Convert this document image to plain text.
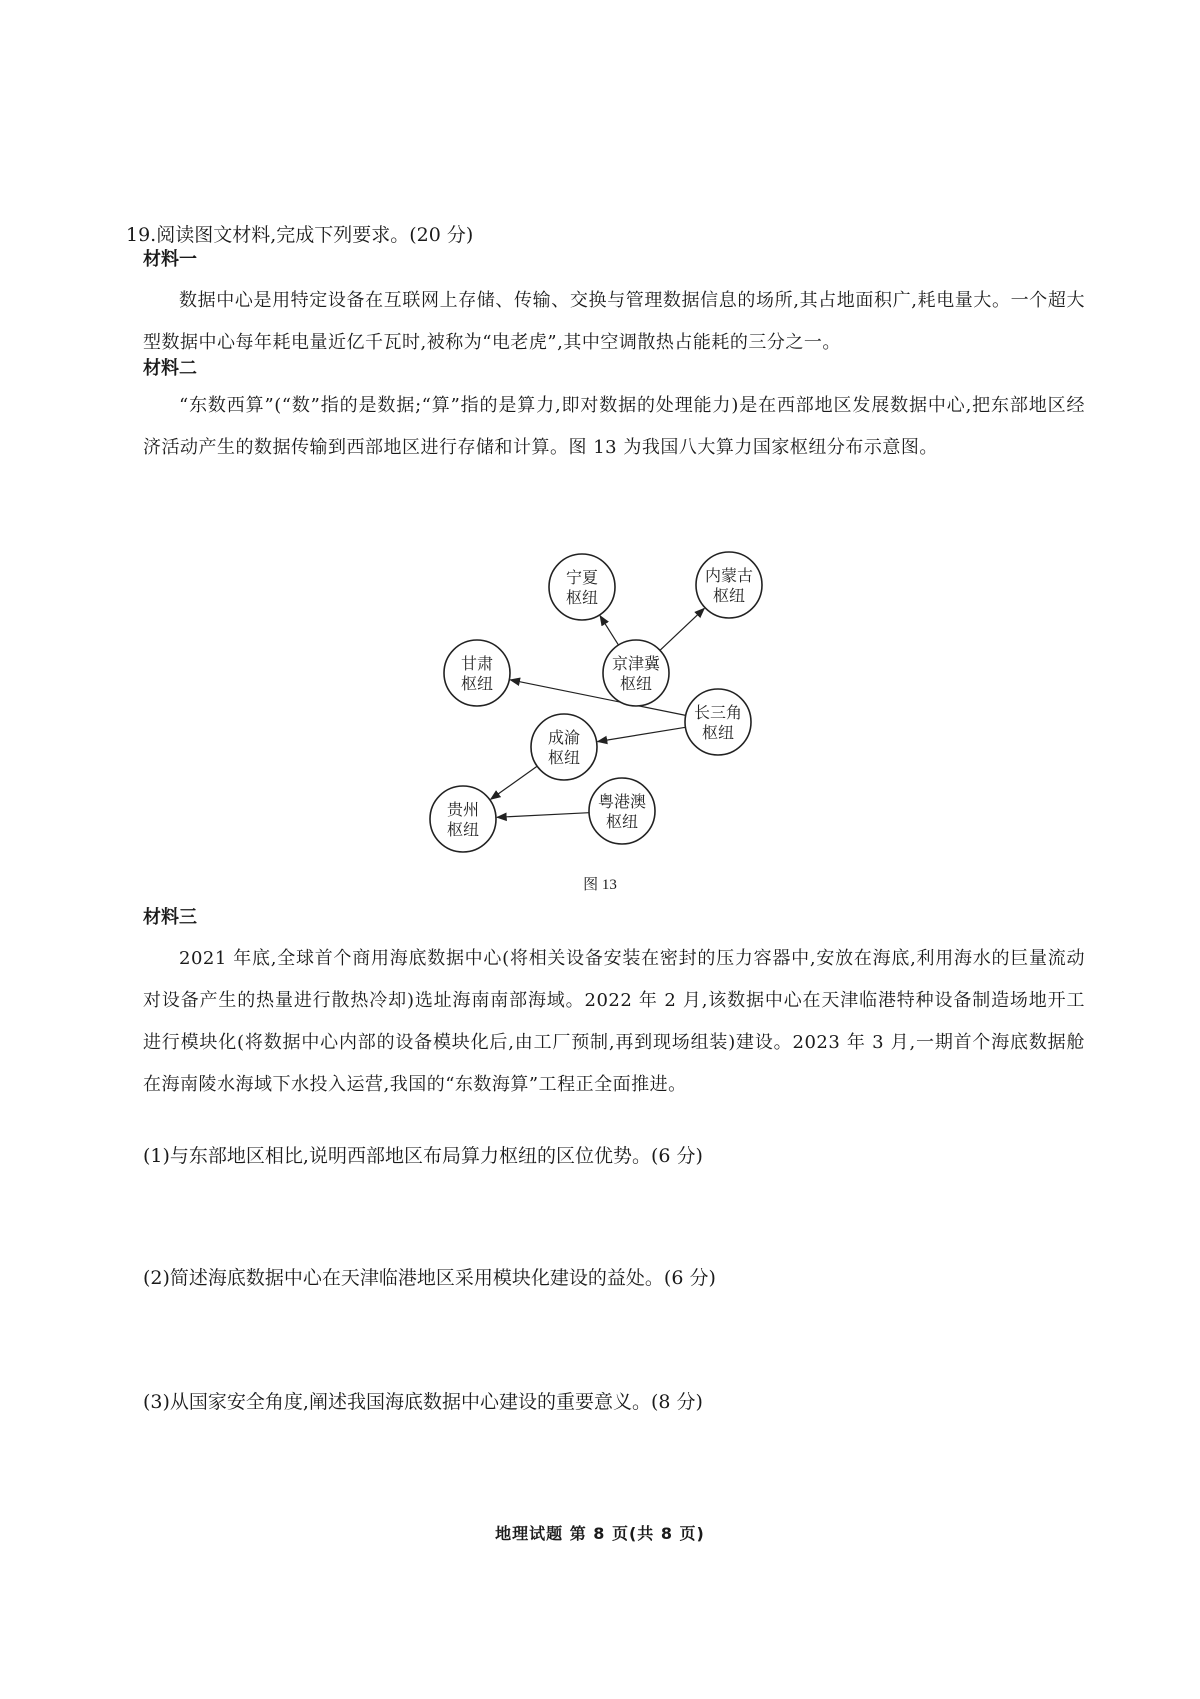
19.阅读图文材料,完成下列要求。(20 分)
材料一

数据中心是用特定设备在互联网上存储、传输、交换与管理数据信息的场所,其占地面积广,耗电量大。一个超大型数据中心每年耗电量近亿千瓦时,被称为“电老虎”,其中空调散热占能耗的三分之一。

材料二

“东数西算”(“数”指的是数据;“算”指的是算力,即对数据的处理能力)是在西部地区发展数据中心,把东部地区经济活动产生的数据传输到西部地区进行存储和计算。图 13 为我国八大算力国家枢纽分布示意图。

宁夏
枢纽
内蒙古
枢纽
京津冀
枢纽
甘肃
枢纽
长三角
枢纽
成渝
枢纽
粤港澳
枢纽
贵州
枢纽
图 13
材料三

2021 年底,全球首个商用海底数据中心(将相关设备安装在密封的压力容器中,安放在海底,利用海水的巨量流动对设备产生的热量进行散热冷却)选址海南南部海域。2022 年 2 月,该数据中心在天津临港特种设备制造场地开工进行模块化(将数据中心内部的设备模块化后,由工厂预制,再到现场组装)建设。2023 年 3 月,一期首个海底数据舱在海南陵水海域下水投入运营,我国的“东数海算”工程正全面推进。

(1)与东部地区相比,说明西部地区布局算力枢纽的区位优势。(6 分)
(2)简述海底数据中心在天津临港地区采用模块化建设的益处。(6 分)
(3)从国家安全角度,阐述我国海底数据中心建设的重要意义。(8 分)
地理试题 第 8 页(共 8 页)
